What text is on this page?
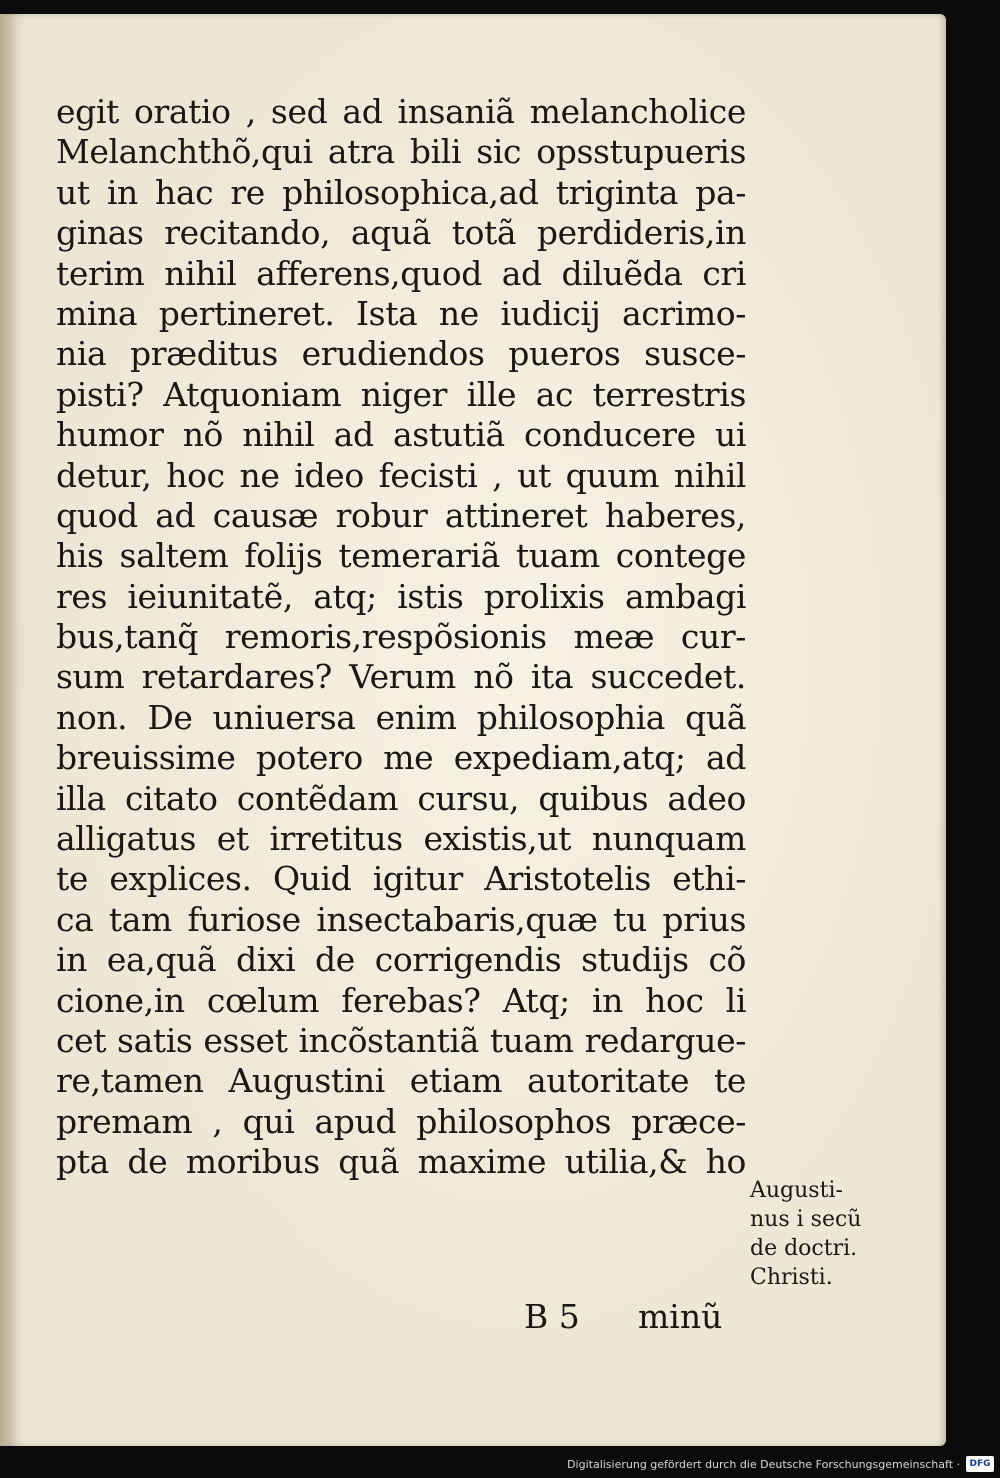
egit oratio , sed ad insaniã melancholice
Melanchthõ,qui atra bili sic opsstupueris
ut in hac re philosophica,ad triginta pa-
ginas recitando, aquã totã perdideris,in
terim nihil afferens,quod ad diluẽda cri
mina pertineret. Ista ne iudicij acrimo-
nia præditus erudiendos pueros susce-
pisti? Atquoniam niger ille ac terrestris
humor nõ nihil ad astutiã conducere ui
detur, hoc ne ideo fecisti , ut quum nihil
quod ad causæ robur attineret haberes,
his saltem folijs temerariã tuam contege
res ieiunitatẽ, atq; istis prolixis ambagi
bus,tanq̃ remoris,respõsionis meæ cur-
sum retardares? Verum nõ ita succedet.
non. De uniuersa enim philosophia quã
breuissime potero me expediam,atq; ad
illa citato contẽdam cursu, quibus adeo
alligatus et irretitus existis,ut nunquam
te explices. Quid igitur Aristotelis ethi-
ca tam furiose insectabaris,quæ tu prius
in ea,quã dixi de corrigendis studijs cõ
cione,in cœlum ferebas? Atq; in hoc li
cet satis esset incõstantiã tuam redargue-
re,tamen Augustini etiam autoritate te
premam , qui apud philosophos præce-
pta de moribus quã maxime utilia,& ho
B 5 minũ
Augusti-
nus i secũ
de doctri.
Christi.
Digitalisierung gefördert durch die Deutsche Forschungsgemeinschaft ·	DFG
